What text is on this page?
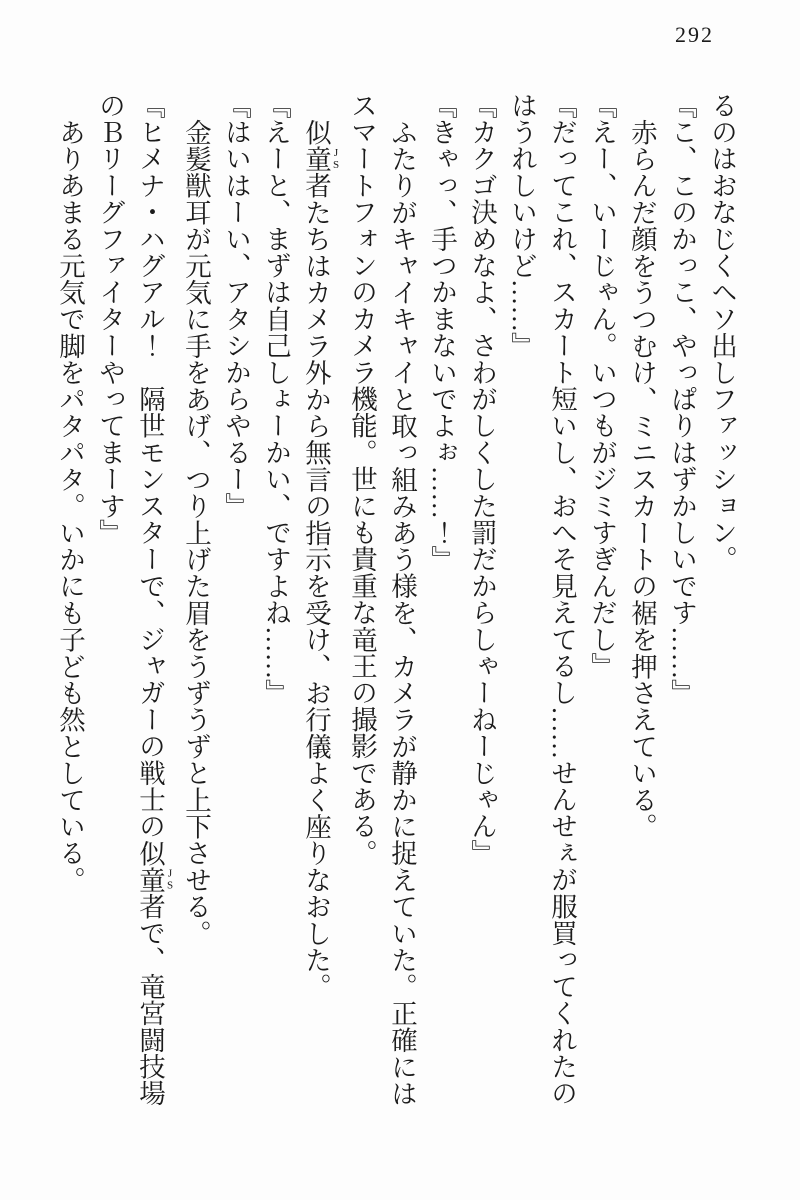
292

るのはおなじくヘソ出しファッション。

『こ、このかっこ、やっぱりはずかしいです……』

赤らんだ顔をうつむけ、ミニスカートの裾を押さえている。

『えー、いーじゃん。いつもがジミすぎんだし』

『だってこれ、スカート短いし、おへそ見えてるし……せんせぇが服買ってくれたのはうれしいけど……』

『カクゴ決めなよ、さわがしくした罰だからしゃーねーじゃん』

『きゃっ、手つかまないでよぉ……！』

ふたりがキャイキャイと取っ組みあう様を、カメラが静かに捉えていた。正確にはスマートフォンのカメラ機能。世にも貴重な竜王の撮影である。

似童者 JSたちはカメラ外から無言の指示を受け、お行儀よく座りなおした。

『えーと、まずは自己しょーかい、ですよね……』

『はいはーい、アタシからやるー』

金髪獣耳が元気に手をあげ、つり上げた眉をうずうずと上下させる。

『ヒメナ・ハグアル！　隔世モンスターで、ジャガーの戦士の似童者 JSで、竜宮闘技場のＢリーグファイターやってまーす』

ありあまる元気で脚をパタパタ。いかにも子ども然としている。
